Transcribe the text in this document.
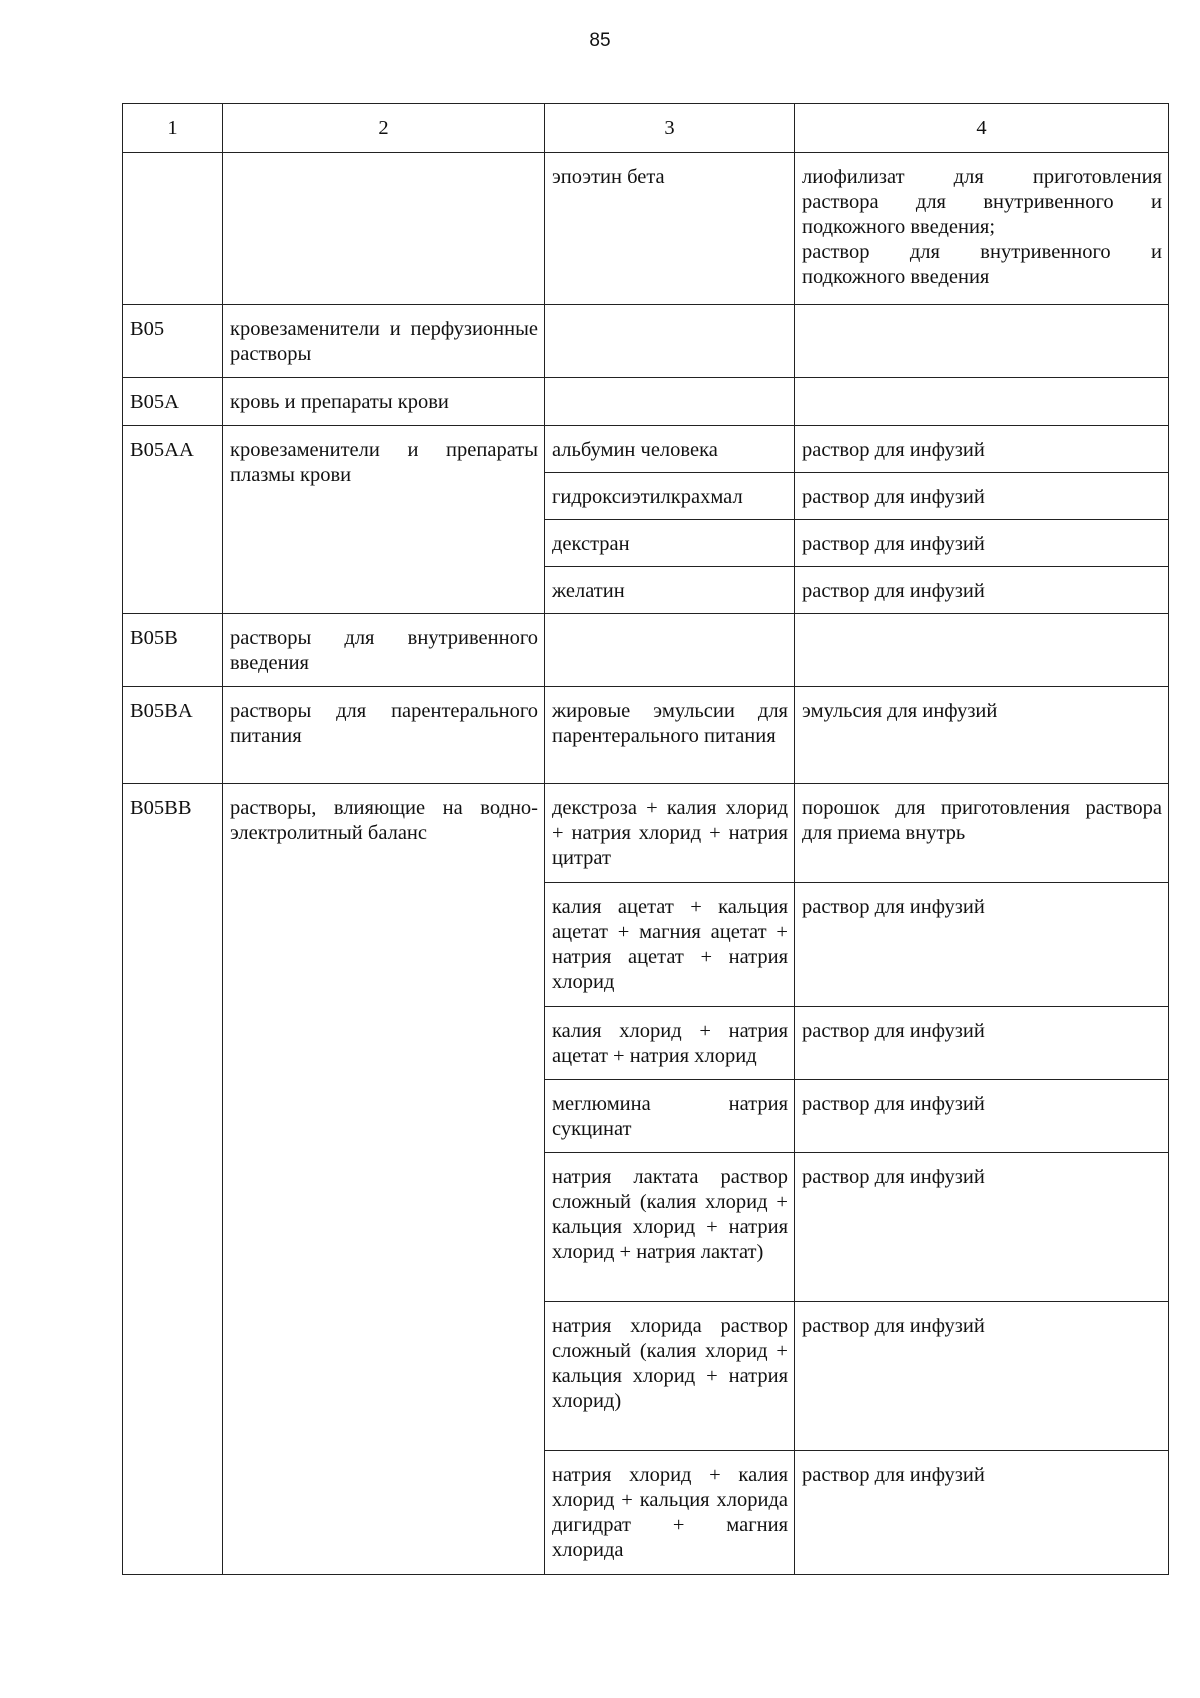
85
1	2	3	4
		эпоэтин бета	лиофилизат для приготовления
раствора для внутривенного и
подкожного введения;
раствор для внутривенного и
подкожного введения

B05	кровезаменители и перфузионные растворы		
B05A	кровь и препараты крови		
B05AA	кровезаменители и препараты плазмы крови	альбумин человека	раствор для инфузий
		гидроксиэтилкрахмал	раствор для инфузий
		декстран	раствор для инфузий
		желатин	раствор для инфузий
B05B	растворы для внутривенного введения		
B05BA	растворы для парентерального питания	жировые эмульсии для парентерального питания	эмульсия для инфузий
B05BB	растворы, влияющие на водно-электролитный баланс	декстроза + калия хлорид + натрия хлорид + натрия цитрат	порошок для приготовления раствора для приема внутрь
		калия ацетат + кальция ацетат + магния ацетат + натрия ацетат + натрия хлорид	раствор для инфузий
		калия хлорид + натрия ацетат + натрия хлорид	раствор для инфузий
		меглюмина натрия сукцинат	раствор для инфузий
		натрия лактата раствор сложный (калия хлорид + кальция хлорид + натрия хлорид + натрия лактат)	раствор для инфузий
		натрия хлорида раствор сложный (калия хлорид + кальция хлорид + натрия хлорид)	раствор для инфузий
		натрия хлорид + калия хлорид + кальция хлорида дигидрат + магния хлорида	раствор для инфузий
